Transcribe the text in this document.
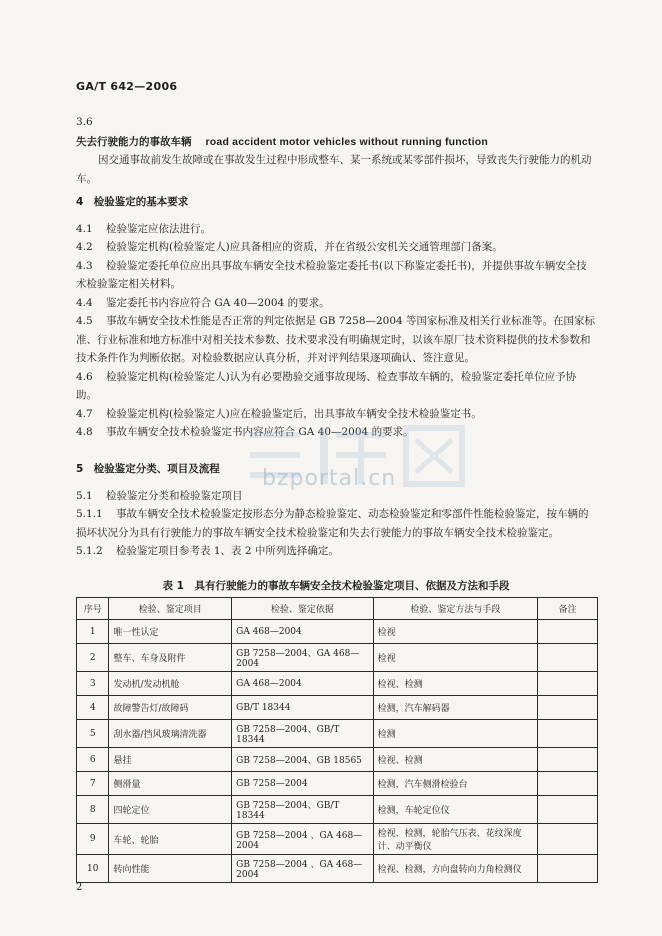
GA/T 642—2006
3.6
失去行驶能力的事故车辆 road accident motor vehicles without running function
因交通事故前发生故障或在事故发生过程中形成整车、某一系统或某零部件损坏，导致丧失行驶能力的机动车。
4　检验鉴定的基本要求
4.1 检验鉴定应依法进行。
4.2 检验鉴定机构(检验鉴定人)应具备相应的资质，并在省级公安机关交通管理部门备案。
4.3 检验鉴定委托单位应出具事故车辆安全技术检验鉴定委托书(以下称鉴定委托书)，并提供事故车辆安全技术检验鉴定相关材料。
4.4 鉴定委托书内容应符合 GA 40—2004 的要求。
4.5 事故车辆安全技术性能是否正常的判定依据是 GB 7258—2004 等国家标准及相关行业标准等。在国家标准、行业标准和地方标准中对相关技术参数、技术要求没有明确规定时，以该车原厂技术资料提供的技术参数和技术条件作为判断依据。对检验数据应认真分析，并对评判结果逐项确认、签注意见。
4.6 检验鉴定机构(检验鉴定人)认为有必要勘验交通事故现场、检查事故车辆的，检验鉴定委托单位应予协助。
4.7 检验鉴定机构(检验鉴定人)应在检验鉴定后，出具事故车辆安全技术检验鉴定书。
4.8 事故车辆安全技术检验鉴定书内容应符合 GA 40—2004 的要求。
5　检验鉴定分类、项目及流程
5.1 检验鉴定分类和检验鉴定项目
5.1.1 事故车辆安全技术检验鉴定按形态分为静态检验鉴定、动态检验鉴定和零部件性能检验鉴定，按车辆的损坏状况分为具有行驶能力的事故车辆安全技术检验鉴定和失去行驶能力的事故车辆安全技术检验鉴定。
5.1.2 检验鉴定项目参考表 1、表 2 中所列选择确定。
表 1　具有行驶能力的事故车辆安全技术检验鉴定项目、依据及方法和手段
序号	检验、鉴定项目	检验、鉴定依据	检验、鉴定方法与手段	备注
1	唯一性认定	GA 468—2004	检视	
2	整车、车身及附件	GB 7258—2004、GA 468—2004	检视	
3	发动机/发动机舱	GA 468—2004	检视、检测	
4	故障警告灯/故障码	GB/T 18344	检测，汽车解码器	
5	刮水器/挡风玻璃清洗器	GB 7258—2004、GB/T 18344	检测	
6	悬挂	GB 7258—2004、GB 18565	检视、检测	
7	侧滑量	GB 7258—2004	检测，汽车侧滑检验台	
8	四轮定位	GB 7258—2004、GB/T 18344	检测，车轮定位仪	
9	车轮、轮胎	GB 7258—2004 、GA 468—2004	检视、检测，轮胎气压表、花纹深度计、动平衡仪	
10	转向性能	GB 7258—2004 、GA 468—2004	检视、检测，方向盘转向力角检测仪	
bzportal.cn
2
